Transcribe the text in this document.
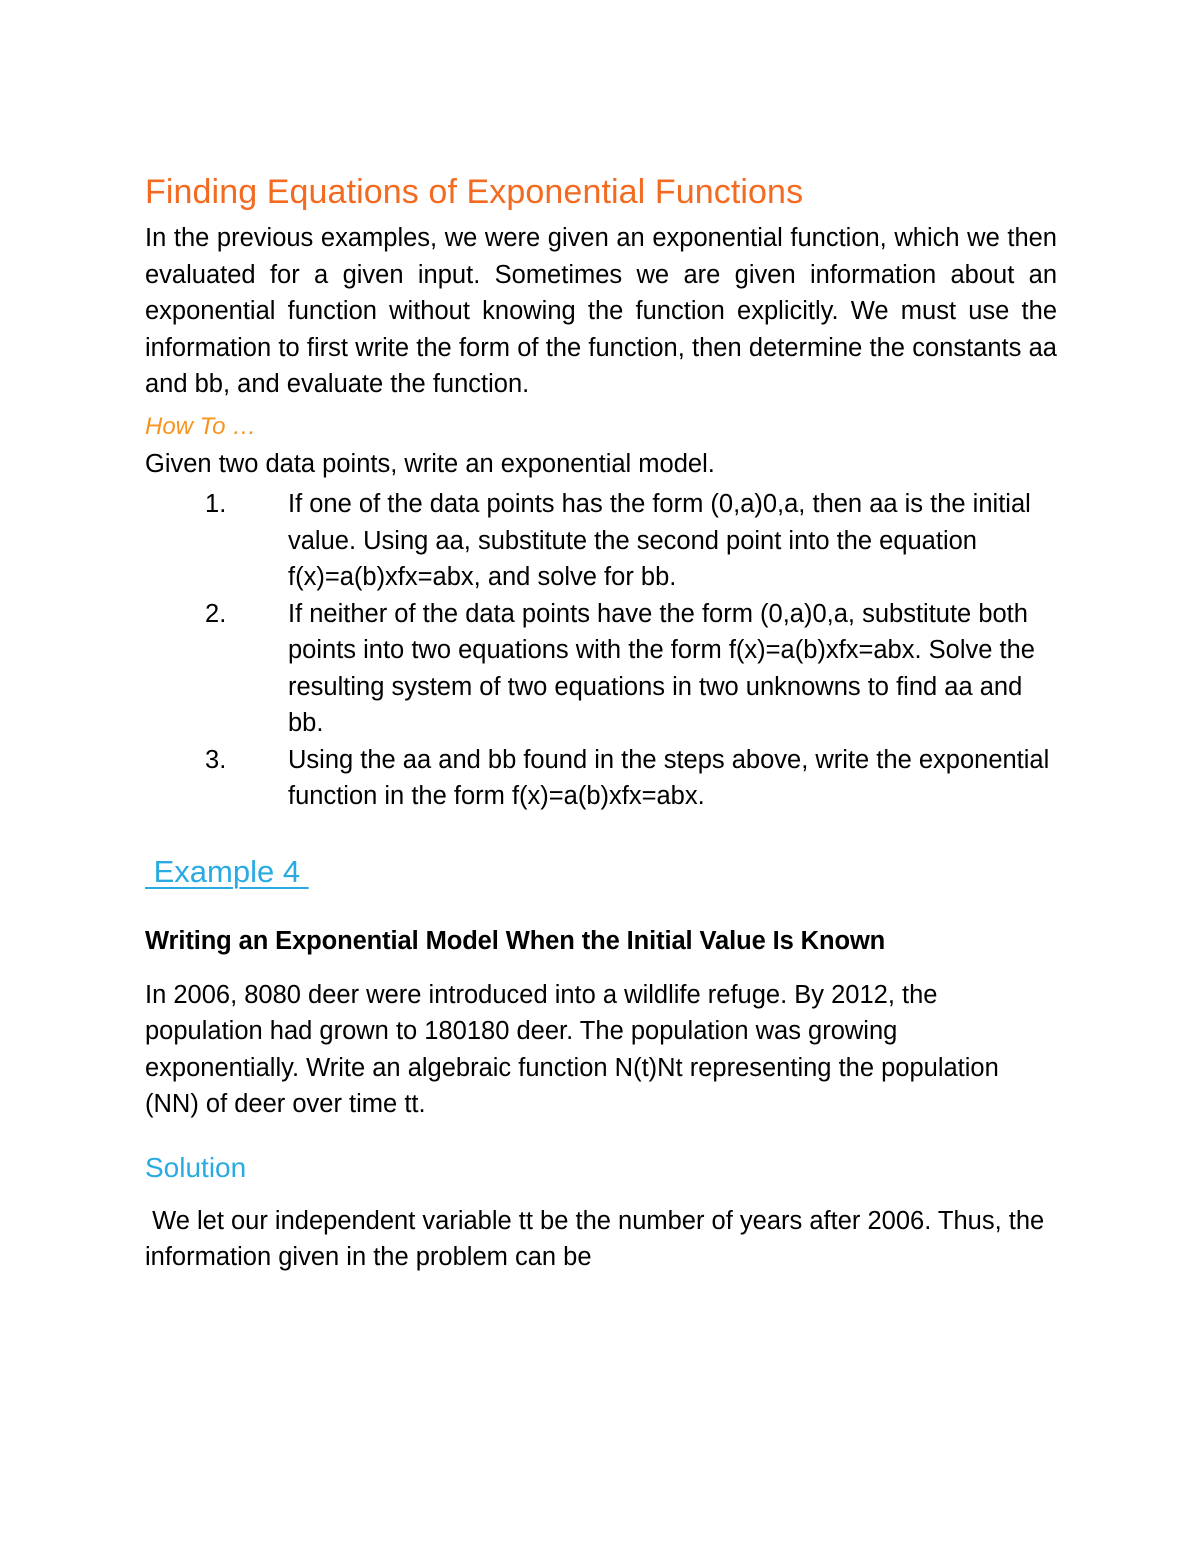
Finding Equations of Exponential Functions

In the previous examples, we were given an exponential function, which we then evaluated for a given input. Sometimes we are given information about an exponential function without knowing the function explicitly. We must use the information to first write the form of the function, then determine the constants aa and bb, and evaluate the function.

How To …

Given two data points, write an exponential model.

If one of the data points has the form (0,a)0,a, then aa is the initial value. Using aa, substitute the second point into the equation f(x)=a(b)xfx=abx, and solve for bb.
If neither of the data points have the form (0,a)0,a, substitute both points into two equations with the form f(x)=a(b)xfx=abx. Solve the resulting system of two equations in two unknowns to find aa and bb.
Using the aa and bb found in the steps above, write the exponential function in the form f(x)=a(b)xfx=abx.

Example 4

Writing an Exponential Model When the Initial Value Is Known

In 2006, 8080 deer were introduced into a wildlife refuge. By 2012, the population had grown to 180180 deer. The population was growing exponentially. Write an algebraic function N(t)Nt representing the population (NN) of deer over time tt.

Solution

We let our independent variable tt be the number of years after 2006. Thus, the information given in the problem can be
